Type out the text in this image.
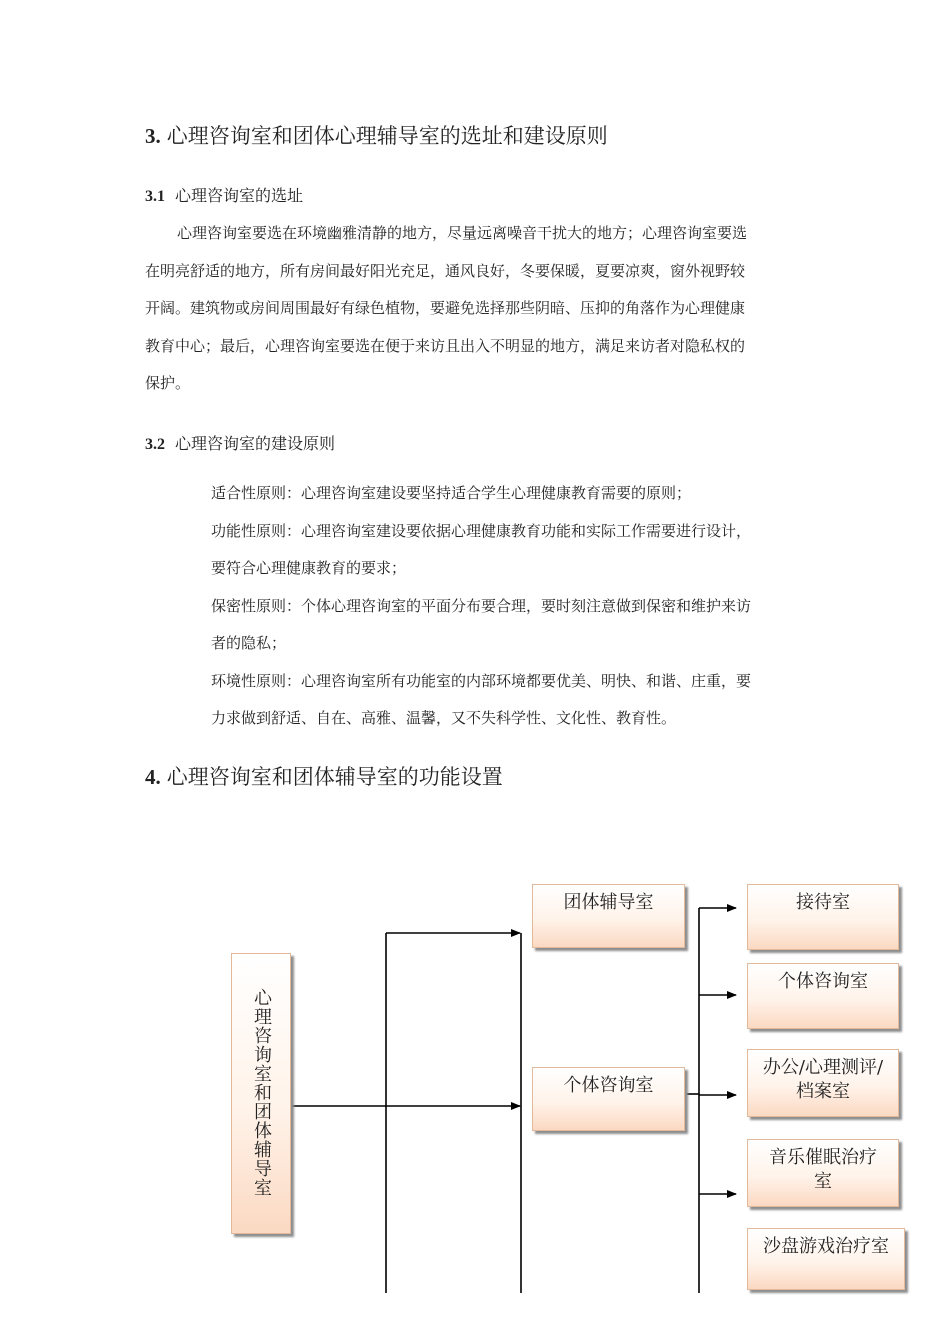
3. 心理咨询室和团体心理辅导室的选址和建设原则
3.1 心理咨询室的选址

心理咨询室要选在环境幽雅清静的地方，尽量远离噪音干扰大的地方；心理咨询室要选

在明亮舒适的地方，所有房间最好阳光充足，通风良好，冬要保暖，夏要凉爽，窗外视野较

开阔。建筑物或房间周围最好有绿色植物，要避免选择那些阴暗、压抑的角落作为心理健康

教育中心；最后，心理咨询室要选在便于来访且出入不明显的地方，满足来访者对隐私权的

保护。

3.2 心理咨询室的建设原则

适合性原则：心理咨询室建设要坚持适合学生心理健康教育需要的原则；

功能性原则：心理咨询室建设要依据心理健康教育功能和实际工作需要进行设计，

要符合心理健康教育的要求；

保密性原则：个体心理咨询室的平面分布要合理，要时刻注意做到保密和维护来访

者的隐私；

环境性原则：心理咨询室所有功能室的内部环境都要优美、明快、和谐、庄重，要

力求做到舒适、自在、高雅、温馨，又不失科学性、文化性、教育性。

4. 心理咨询室和团体辅导室的功能设置
心理咨询室和团体辅导室
团体辅导室
个体咨询室
接待室
个体咨询室
办公/心理测评/档案室
音乐催眠治疗室
沙盘游戏治疗室
